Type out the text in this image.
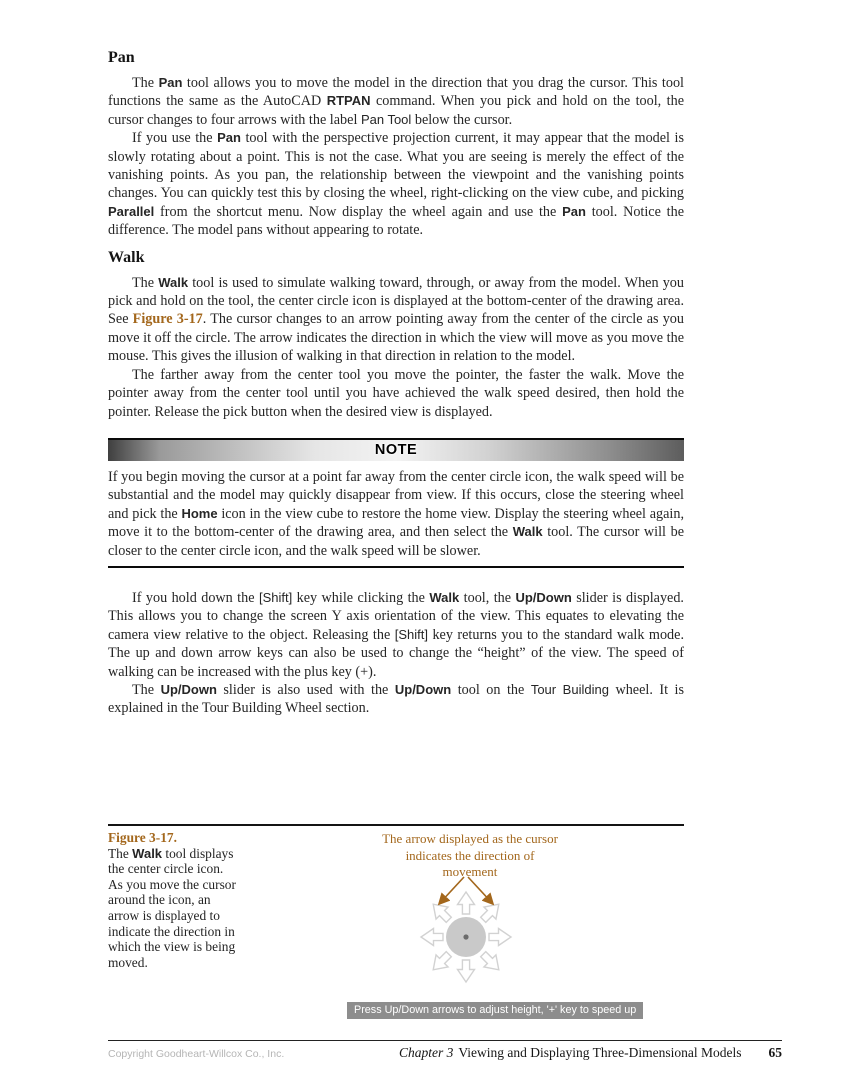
Pan

The Pan tool allows you to move the model in the direction that you drag the cursor. This tool functions the same as the AutoCAD RTPAN command. When you pick and hold on the tool, the cursor changes to four arrows with the label Pan Tool below the cursor.

If you use the Pan tool with the perspective projection current, it may appear that the model is slowly rotating about a point. This is not the case. What you are seeing is merely the effect of the vanishing points. As you pan, the relationship between the viewpoint and the vanishing points changes. You can quickly test this by closing the wheel, right-clicking on the view cube, and picking Parallel from the shortcut menu. Now display the wheel again and use the Pan tool. Notice the difference. The model pans without appearing to rotate.

Walk

The Walk tool is used to simulate walking toward, through, or away from the model. When you pick and hold on the tool, the center circle icon is displayed at the bottom-center of the drawing area. See Figure 3-17. The cursor changes to an arrow pointing away from the center of the circle as you move it off the circle. The arrow indicates the direction in which the view will move as you move the mouse. This gives the illusion of walking in that direction in relation to the model.

The farther away from the center tool you move the pointer, the faster the walk. Move the pointer away from the center tool until you have achieved the walk speed desired, then hold the pointer. Release the pick button when the desired view is displayed.

NOTE

If you begin moving the cursor at a point far away from the center circle icon, the walk speed will be substantial and the model may quickly disappear from view. If this occurs, close the steering wheel and pick the Home icon in the view cube to restore the home view. Display the steering wheel again, move it to the bottom-center of the drawing area, and then select the Walk tool. The cursor will be closer to the center circle icon, and the walk speed will be slower.

If you hold down the [Shift] key while clicking the Walk tool, the Up/Down slider is displayed. This allows you to change the screen Y axis orientation of the view. This equates to elevating the camera view relative to the object. Releasing the [Shift] key returns you to the standard walk mode. The up and down arrow keys can also be used to change the “height” of the view. The speed of walking can be increased with the plus key (+).

The Up/Down slider is also used with the Up/Down tool on the Tour Building wheel. It is explained in the Tour Building Wheel section.

Figure 3-17.
The Walk tool displays the center circle icon. As you move the cursor around the icon, an arrow is displayed to indicate the direction in which the view is being moved.
The arrow displayed as the cursor indicates the direction of movement
Press Up/Down arrows to adjust height, '+' key to speed up
Copyright Goodheart-Willcox Co., Inc.	Chapter 3 Viewing and Displaying Three-Dimensional Models 65
